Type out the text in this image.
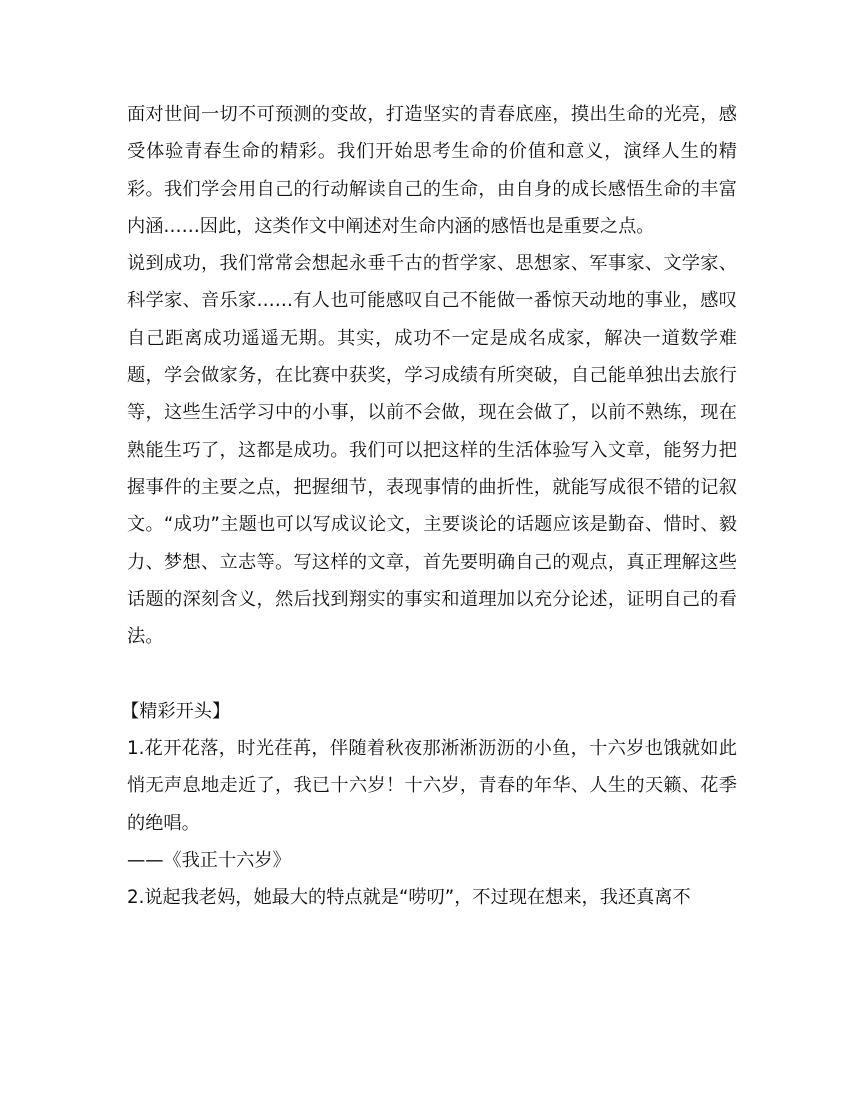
面对世间一切不可预测的变故，打造坚实的青春底座，摸出生命的光亮，感受体验青春生命的精彩。我们开始思考生命的价值和意义，演绎人生的精彩。我们学会用自己的行动解读自己的生命，由自身的成长感悟生命的丰富内涵……因此，这类作文中阐述对生命内涵的感悟也是重要之点。

说到成功，我们常常会想起永垂千古的哲学家、思想家、军事家、文学家、科学家、音乐家……有人也可能感叹自己不能做一番惊天动地的事业，感叹自己距离成功遥遥无期。其实，成功不一定是成名成家，解决一道数学难题，学会做家务，在比赛中获奖，学习成绩有所突破，自己能单独出去旅行等，这些生活学习中的小事，以前不会做，现在会做了，以前不熟练，现在熟能生巧了，这都是成功。我们可以把这样的生活体验写入文章，能努力把握事件的主要之点，把握细节，表现事情的曲折性，就能写成很不错的记叙文。“成功”主题也可以写成议论文，主要谈论的话题应该是勤奋、惜时、毅力、梦想、立志等。写这样的文章，首先要明确自己的观点，真正理解这些话题的深刻含义，然后找到翔实的事实和道理加以充分论述，证明自己的看法。

【精彩开头】

1.花开花落，时光荏苒，伴随着秋夜那淅淅沥沥的小鱼，十六岁也饿就如此悄无声息地走近了，我已十六岁！十六岁，青春的年华、人生的天籁、花季的绝唱。

——《我正十六岁》

2.说起我老妈，她最大的特点就是“唠叨”，不过现在想来，我还真离不
